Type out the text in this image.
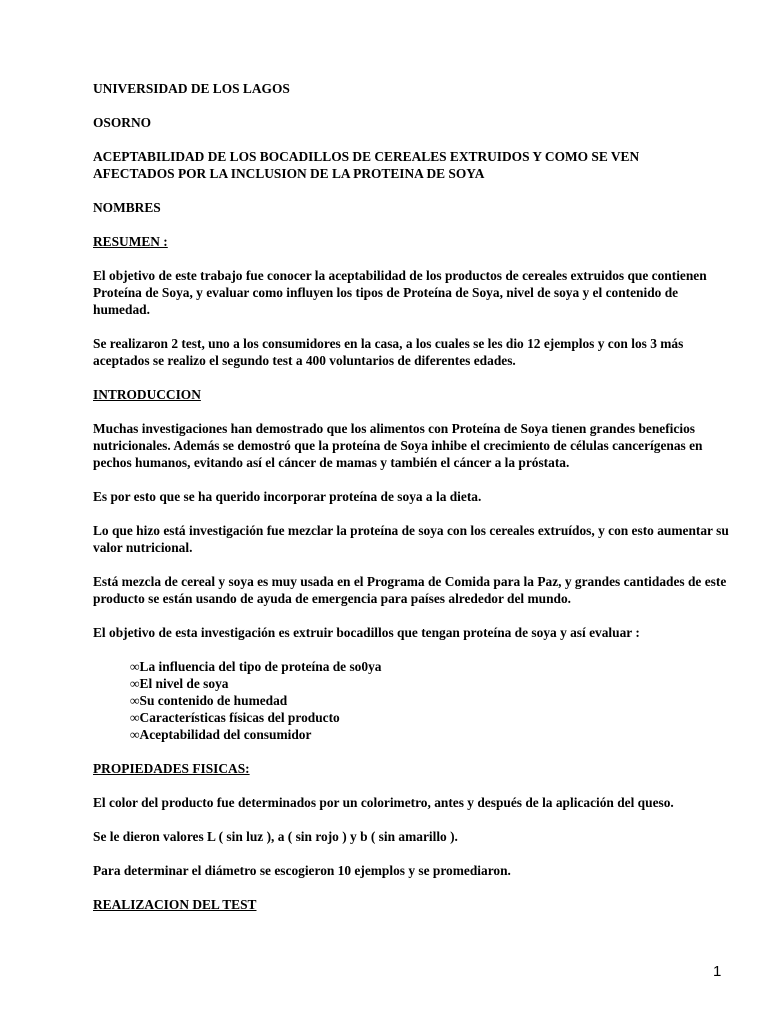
UNIVERSIDAD DE LOS LAGOS

OSORNO

ACEPTABILIDAD DE LOS BOCADILLOS DE CEREALES EXTRUIDOS Y COMO SE VEN

AFECTADOS POR LA INCLUSION DE LA PROTEINA DE SOYA

NOMBRES

RESUMEN :

El objetivo de este trabajo fue conocer la aceptabilidad de los productos de cereales extruidos que contienen Proteína de Soya, y evaluar como influyen los tipos de Proteína de Soya, nivel de soya y el contenido de humedad.

Se realizaron 2 test, uno a los consumidores en la casa, a los cuales se les dio 12 ejemplos y con los 3 más aceptados se realizo el segundo test a 400 voluntarios de diferentes edades.

INTRODUCCION

Muchas investigaciones han demostrado que los alimentos con Proteína de Soya tienen grandes beneficios nutricionales. Además se demostró que la proteína de Soya inhibe el crecimiento de células cancerígenas en pechos humanos, evitando así el cáncer de mamas y también el cáncer a la próstata.

Es por esto que se ha querido incorporar proteína de soya a la dieta.

Lo que hizo está investigación fue mezclar la proteína de soya con los cereales extruídos, y con esto aumentar su valor nutricional.

Está mezcla de cereal y soya es muy usada en el Programa de Comida para la Paz, y grandes cantidades de este producto se están usando de ayuda de emergencia para países alrededor del mundo.

El objetivo de esta investigación es extruir bocadillos que tengan proteína de soya y así evaluar :

∞La influencia del tipo de proteína de so0ya
∞El nivel de soya
∞Su contenido de humedad
∞Características físicas del producto
∞Aceptabilidad del consumidor

PROPIEDADES FISICAS:

El color del producto fue determinados por un colorimetro, antes y después de la aplicación del queso.

Se le dieron valores L ( sin luz ), a ( sin rojo ) y b ( sin amarillo ).

Para determinar el diámetro se escogieron 10 ejemplos y se promediaron.

REALIZACION DEL TEST

1
